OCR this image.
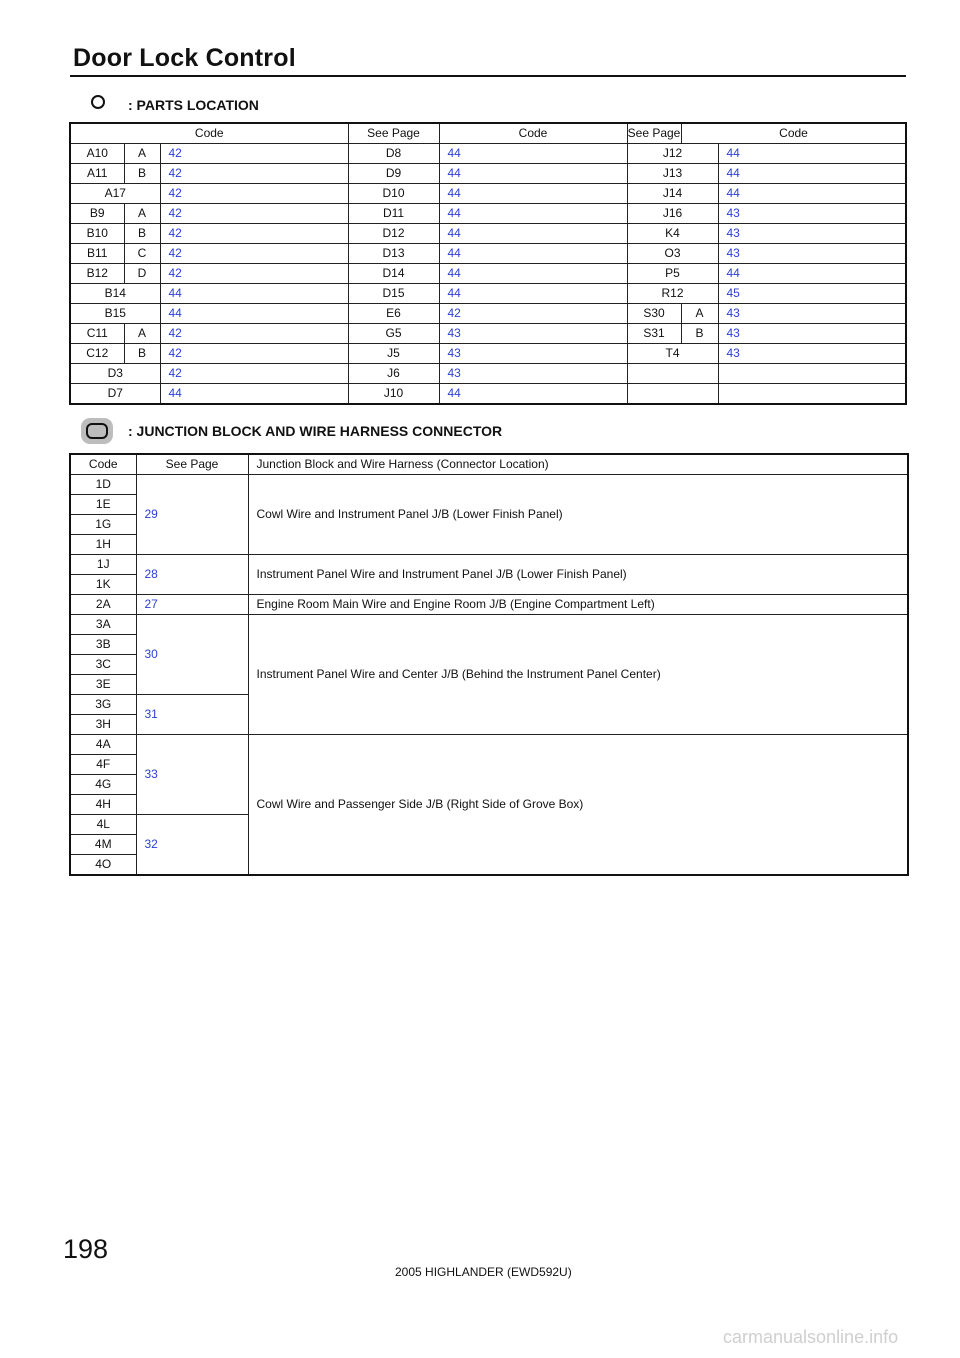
Door Lock Control
: PARTS LOCATION
Code			See Page	Code	See Page	Code	
A10	A	42	D8	44	J12		44	
A11	B	42	D9	44	J13		44	
A17		42	D10	44	J14		44	
B9	A	42	D11	44	J16		43	
B10	B	42	D12	44	K4		43	
B11	C	42	D13	44	O3		43	
B12	D	42	D14	44	P5		44	
B14		44	D15	44	R12		45	
B15		44	E6	42	S30	A	43	
C11	A	42	G5	43	S31	B	43	
C12	B	42	J5	43	T4		43	
D3		42	J6	43				
D7		44	J10	44				
: JUNCTION BLOCK AND WIRE HARNESS CONNECTOR
Code	See Page	Junction Block and Wire Harness (Connector Location)
1D	29	Cowl Wire and Instrument Panel J/B (Lower Finish Panel)
1E		
1G		
1H		
1J	28	Instrument Panel Wire and Instrument Panel J/B (Lower Finish Panel)
1K		
2A	27	Engine Room Main Wire and Engine Room J/B (Engine Compartment Left)
3A	30	Instrument Panel Wire and Center J/B (Behind the Instrument Panel Center)
3B		
3C		
3E		
3G	31	
3H		
4A	33	Cowl Wire and Passenger Side J/B (Right Side of Grove Box)
4F		
4G		
4H		
4L	32	
4M		
4O		
198
2005 HIGHLANDER (EWD592U)
carmanualsonline.info
